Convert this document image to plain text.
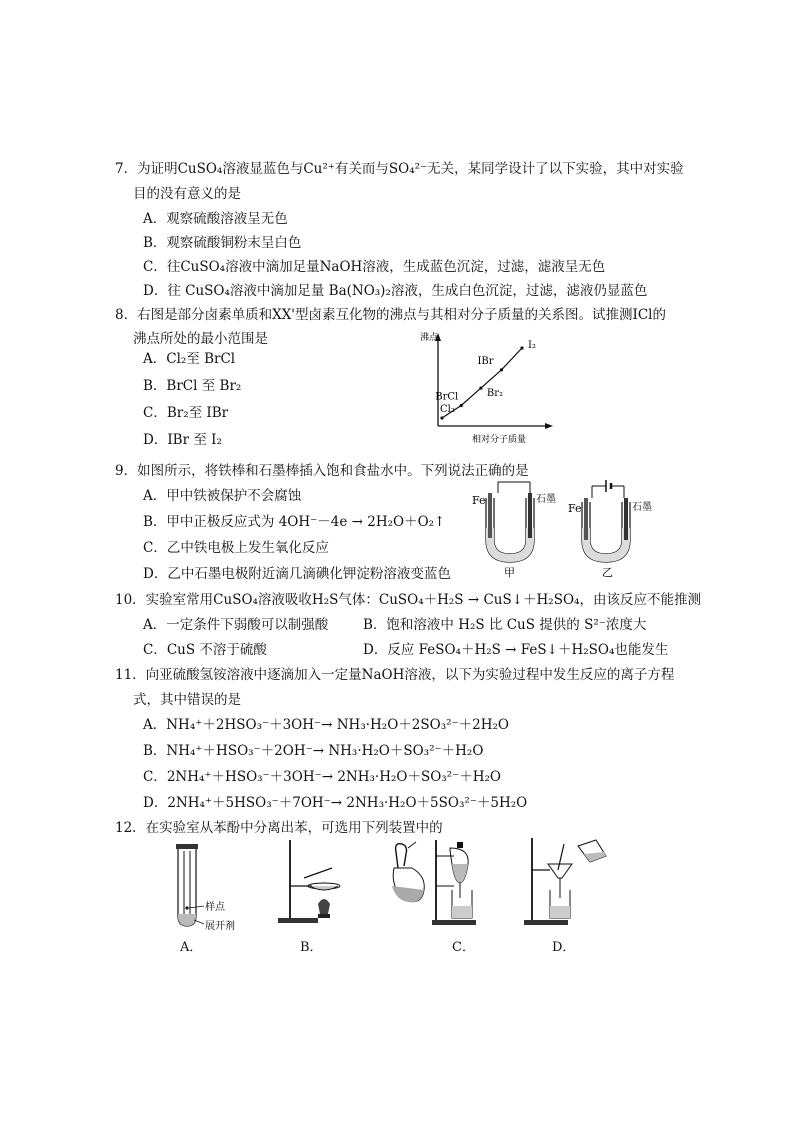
7．为证明CuSO₄溶液显蓝色与Cu²⁺有关而与SO₄²⁻无关，某同学设计了以下实验，其中对实验
目的没有意义的是
A．观察硫酸溶液呈无色
B．观察硫酸铜粉末呈白色
C．往CuSO₄溶液中滴加足量NaOH溶液，生成蓝色沉淀，过滤，滤液呈无色
D．往 CuSO₄溶液中滴加足量 Ba(NO₃)₂溶液，生成白色沉淀，过滤，滤液仍显蓝色
8．右图是部分卤素单质和XX'型卤素互化物的沸点与其相对分子质量的关系图。试推测ICl的
沸点所处的最小范围是
A．Cl₂至 BrCl
B．BrCl 至 Br₂
C．Br₂至 IBr
D．IBr 至 I₂
沸点
相对分子质量
Cl₂
BrCl	Br₂
IBr
I₂
9．如图所示，将铁棒和石墨棒插入饱和食盐水中。下列说法正确的是
A．甲中铁被保护不会腐蚀
B．甲中正极反应式为 4OH⁻－4e → 2H₂O＋O₂↑
C．乙中铁电极上发生氧化反应
D．乙中石墨电极附近滴几滴碘化钾淀粉溶液变蓝色
Fe	石墨
甲
Fe	石墨
乙
10．实验室常用CuSO₄溶液吸收H₂S气体：CuSO₄＋H₂S → CuS↓＋H₂SO₄，由该反应不能推测
A．一定条件下弱酸可以制强酸	B．饱和溶液中 H₂S 比 CuS 提供的 S²⁻浓度大
C．CuS 不溶于硫酸	D．反应 FeSO₄＋H₂S → FeS↓＋H₂SO₄也能发生
11．向亚硫酸氢铵溶液中逐滴加入一定量NaOH溶液，以下为实验过程中发生反应的离子方程
式，其中错误的是
A．NH₄⁺＋2HSO₃⁻＋3OH⁻→ NH₃·H₂O＋2SO₃²⁻＋2H₂O
B．NH₄⁺＋HSO₃⁻＋2OH⁻→ NH₃·H₂O＋SO₃²⁻＋H₂O
C．2NH₄⁺＋HSO₃⁻＋3OH⁻→ 2NH₃·H₂O＋SO₃²⁻＋H₂O
D．2NH₄⁺＋5HSO₃⁻＋7OH⁻→ 2NH₃·H₂O＋5SO₃²⁻＋5H₂O
12．在实验室从苯酚中分离出苯，可选用下列装置中的
样点
展开剂
A．	B．	C．	D．
